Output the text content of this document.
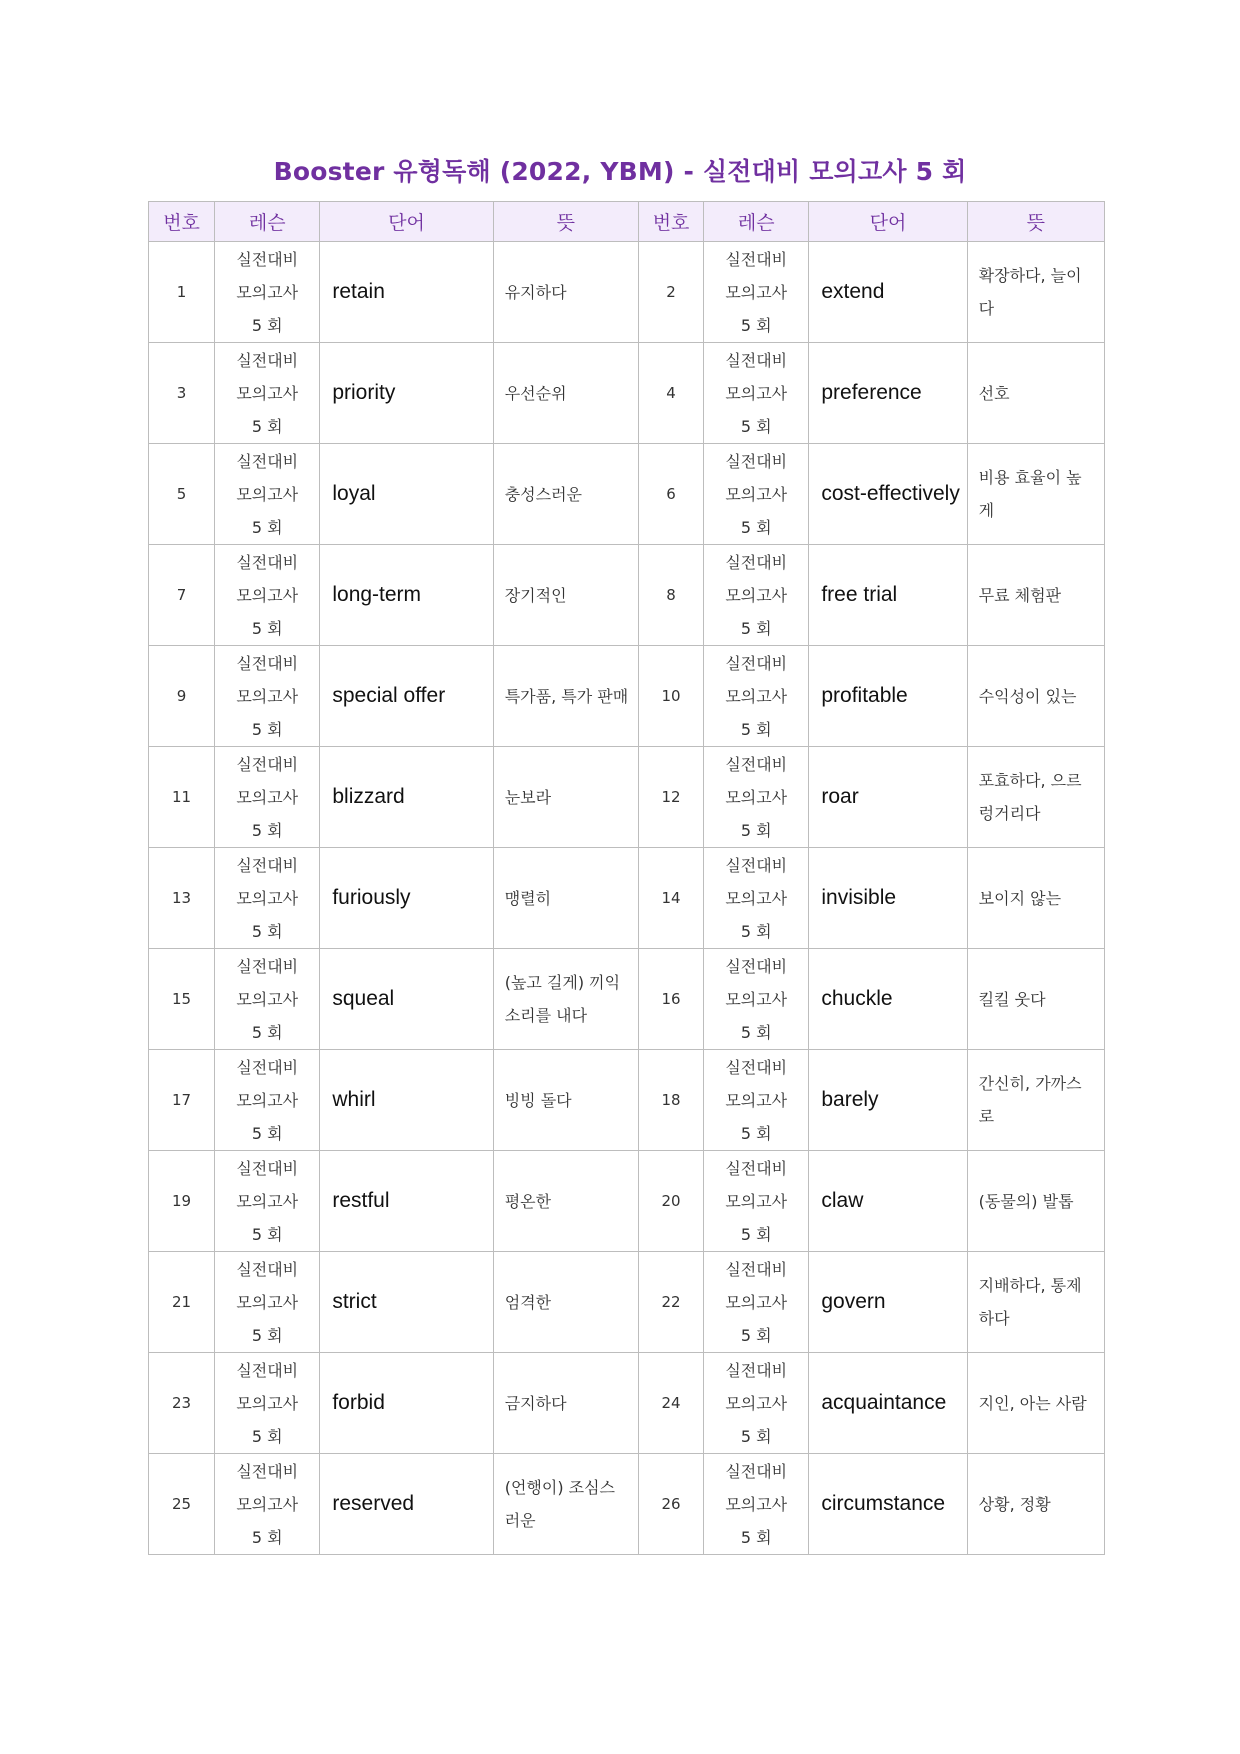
Booster 유형독해 (2022, YBM) - 실전대비 모의고사 5 회
번호	레슨	단어	뜻	번호	레슨	단어	뜻
1	실전대비
모의고사
5 회	retain	유지하다	2	실전대비
모의고사
5 회	extend	확장하다, 늘이다
3	실전대비
모의고사
5 회	priority	우선순위	4	실전대비
모의고사
5 회	preference	선호
5	실전대비
모의고사
5 회	loyal	충성스러운	6	실전대비
모의고사
5 회	cost-effectively	비용 효율이 높게
7	실전대비
모의고사
5 회	long-term	장기적인	8	실전대비
모의고사
5 회	free trial	무료 체험판
9	실전대비
모의고사
5 회	special offer	특가품, 특가 판매	10	실전대비
모의고사
5 회	profitable	수익성이 있는
11	실전대비
모의고사
5 회	blizzard	눈보라	12	실전대비
모의고사
5 회	roar	포효하다, 으르렁거리다
13	실전대비
모의고사
5 회	furiously	맹렬히	14	실전대비
모의고사
5 회	invisible	보이지 않는
15	실전대비
모의고사
5 회	squeal	(높고 길게) 끼익 소리를 내다	16	실전대비
모의고사
5 회	chuckle	킬킬 웃다
17	실전대비
모의고사
5 회	whirl	빙빙 돌다	18	실전대비
모의고사
5 회	barely	간신히, 가까스로
19	실전대비
모의고사
5 회	restful	평온한	20	실전대비
모의고사
5 회	claw	(동물의) 발톱
21	실전대비
모의고사
5 회	strict	엄격한	22	실전대비
모의고사
5 회	govern	지배하다, 통제하다
23	실전대비
모의고사
5 회	forbid	금지하다	24	실전대비
모의고사
5 회	acquaintance	지인, 아는 사람
25	실전대비
모의고사
5 회	reserved	(언행이) 조심스러운	26	실전대비
모의고사
5 회	circumstance	상황, 정황
